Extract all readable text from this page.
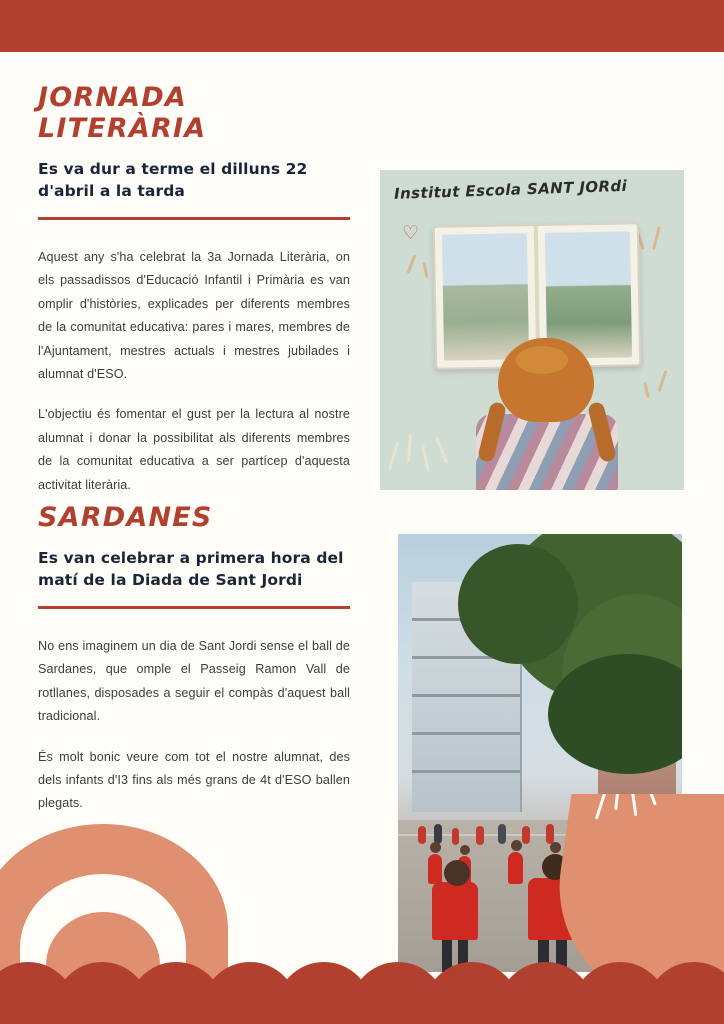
JORNADA LITERÀRIA
Es va dur a terme el dilluns 22
d'abril a la tarda

Aquest any s'ha celebrat la 3a Jornada Literària, on els passadissos d'Educació Infantil i Primària es van omplir d'històries, explicades per diferents membres de la comunitat educativa: pares i mares, membres de l'Ajuntament, mestres actuals i mestres jubilades i alumnat d'ESO.

L'objectiu és fomentar el gust per la lectura al nostre alumnat i donar la possibilitat als diferents membres de la comunitat educativa a ser partícep d'aquesta activitat literària.

SARDANES
Es van celebrar a primera hora del
matí de la Diada de Sant Jordi

No ens imaginem un dia de Sant Jordi sense el ball de Sardanes, que omple el Passeig Ramon Vall de rotllanes, disposades a seguir el compàs d'aquest ball tradicional.

És molt bonic veure com tot el nostre alumnat, des dels infants d'I3 fins als més grans de 4t d'ESO ballen plegats.

Institut Escola SANT JORdi
♡
